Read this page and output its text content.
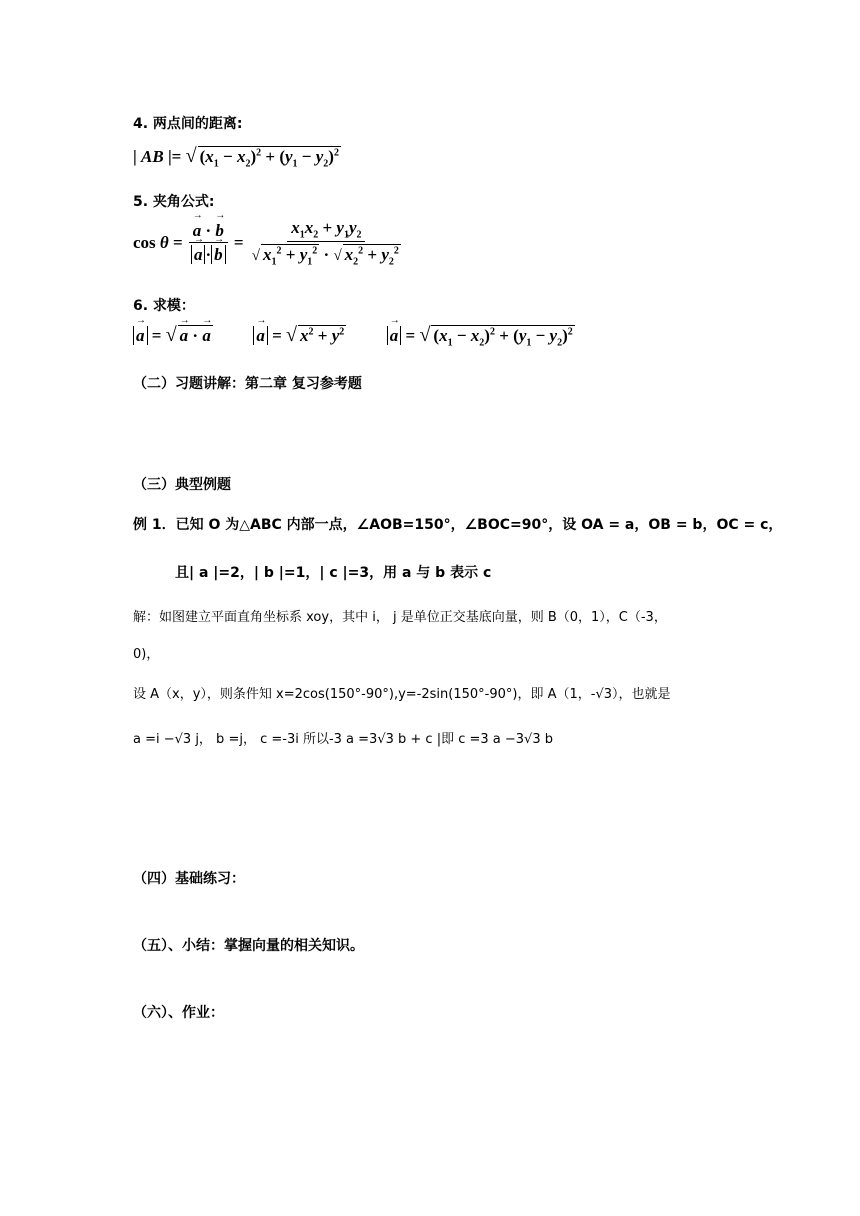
4. 两点间的距离:
| AB |= √ $(x_1 - x_2)^2 + (y_1 - y_2)^2$
5. 夹角公式:
cos θ = → a · → b
→ a · → $b = \frac{x_1x_2 + y_1y_2}{√ x_1^2 + y_1^2 \cdot √ x_2^2 + y_2^2}$
6. 求模：
→ a = √ → a · → a	→ a = √ $x^2 + y^2$	→ a = √ $(x_1 - x_2)^2 + (y_1 - y_2)^2$
（二）习题讲解：第二章 复习参考题
（三）典型例题
例 1．已知 O 为△ABC 内部一点，∠AOB=150°，∠BOC=90°，设 OA = a，OB = b，OC = c，
且| a |=2，| b |=1，| c |=3，用 a 与 b 表示 c
解：如图建立平面直角坐标系 xoy，其中 i， j 是单位正交基底向量，则 B（0，1），C（-3，
0)，
设 A（x，y），则条件知 x=2cos(150°-90°),y=-2sin(150°-90°)，即 A（1，-√3），也就是
a =i −√3 j， b =j， c =-3i 所以-3 a =3√3 b + c |即 c =3 a −3√3 b
（四）基础练习：
（五）、小结：掌握向量的相关知识。
（六）、作业：
